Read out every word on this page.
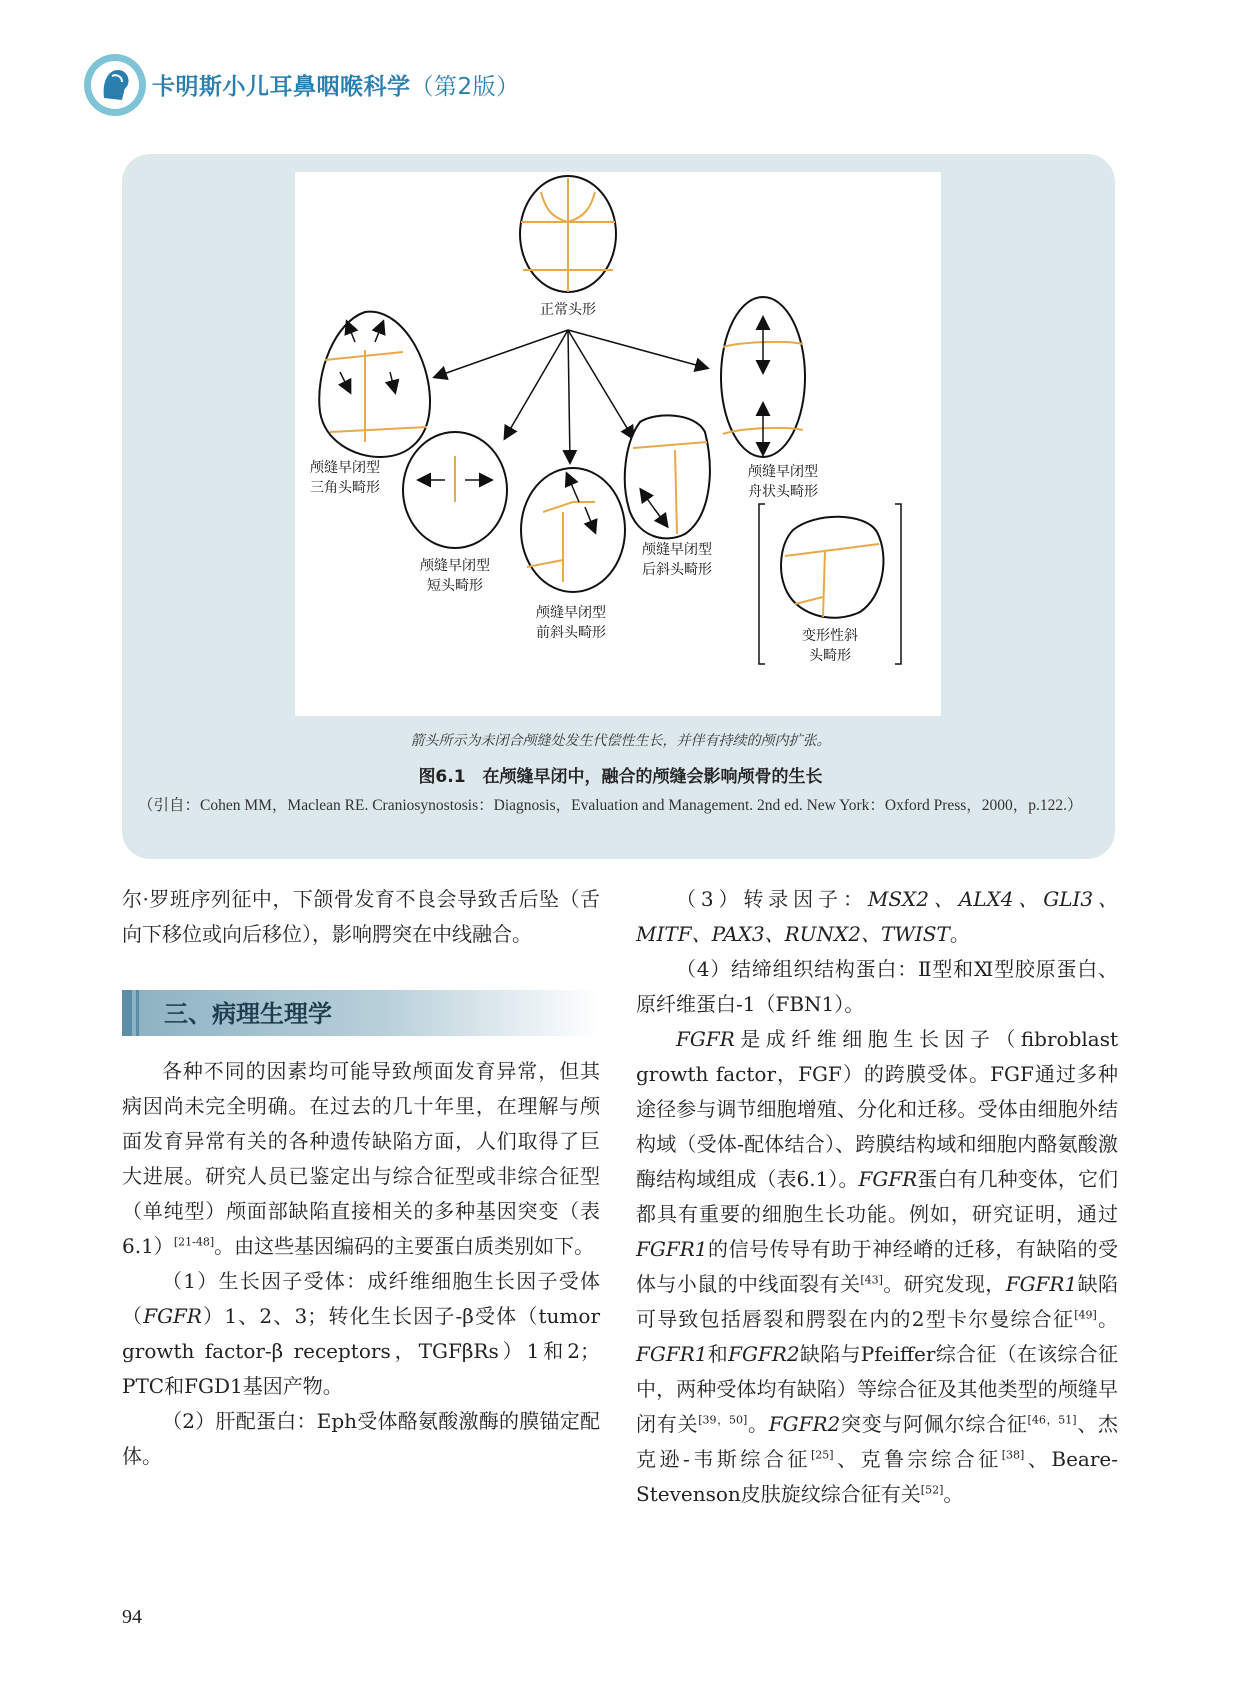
卡明斯小儿耳鼻咽喉科学（第2版）
正常头形
颅缝早闭型
三角头畸形
颅缝早闭型
舟状头畸形
颅缝早闭型
短头畸形
颅缝早闭型
前斜头畸形
颅缝早闭型
后斜头畸形
变形性斜
头畸形
箭头所示为未闭合颅缝处发生代偿性生长，并伴有持续的颅内扩张。
图6.1　在颅缝早闭中，融合的颅缝会影响颅骨的生长
（引自：Cohen MM，Maclean RE. Craniosynostosis：Diagnosis，Evaluation and Management. 2nd ed. New York：Oxford Press，2000，p.122.）

尔·罗班序列征中，下颌骨发育不良会导致舌后坠（舌向下移位或向后移位），影响腭突在中线融合。

三、病理生理学

各种不同的因素均可能导致颅面发育异常，但其病因尚未完全明确。在过去的几十年里，在理解与颅面发育异常有关的各种遗传缺陷方面，人们取得了巨大进展。研究人员已鉴定出与综合征型或非综合征型（单纯型）颅面部缺陷直接相关的多种基因突变（表6.1）[21-48]。由这些基因编码的主要蛋白质类别如下。

（1）生长因子受体：成纤维细胞生长因子受体（FGFR）1、2、3；转化生长因子-β受体（tumor growth factor-β receptors，TGFβRs）1和2；PTC和FGD1基因产物。

（2）肝配蛋白：Eph受体酪氨酸激酶的膜锚定配体。

（3）转录因子：MSX2、ALX4、GLI3、MITF、PAX3、RUNX2、TWIST。

（4）结缔组织结构蛋白：Ⅱ型和Ⅺ型胶原蛋白、原纤维蛋白-1（FBN1）。

FGFR是成纤维细胞生长因子（fibroblast growth factor，FGF）的跨膜受体。FGF通过多种途径参与调节细胞增殖、分化和迁移。受体由细胞外结构域（受体-配体结合）、跨膜结构域和细胞内酪氨酸激酶结构域组成（表6.1）。FGFR蛋白有几种变体，它们都具有重要的细胞生长功能。例如，研究证明，通过FGFR1的信号传导有助于神经嵴的迁移，有缺陷的受体与小鼠的中线面裂有关[43]。研究发现，FGFR1缺陷可导致包括唇裂和腭裂在内的2型卡尔曼综合征[49]。FGFR1和FGFR2缺陷与Pfeiffer综合征（在该综合征中，两种受体均有缺陷）等综合征及其他类型的颅缝早闭有关[39，50]。FGFR2突变与阿佩尔综合征[46，51]、杰克逊-韦斯综合征[25]、克鲁宗综合征[38]、Beare-Stevenson皮肤旋纹综合征有关[52]。

94
